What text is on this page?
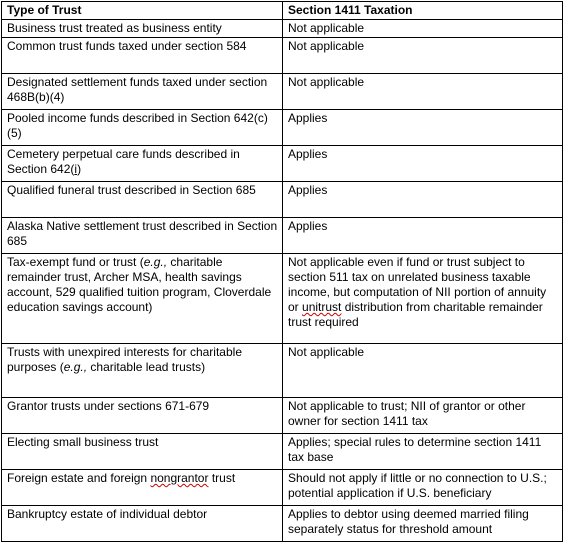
Type of Trust	Section 1411 Taxation
Business trust treated as business entity	Not applicable
Common trust funds taxed under section 584	Not applicable
Designated settlement funds taxed under section 468B(b)(4)	Not applicable
Pooled income funds described in Section 642(c)(5)	Applies
Cemetery perpetual care funds described in Section 642(i)	Applies
Qualified funeral trust described in Section 685	Applies
Alaska Native settlement trust described in Section 685	Applies
Tax-exempt fund or trust (e.g., charitable remainder trust, Archer MSA, health savings account, 529 qualified tuition program, Cloverdale education savings account)	Not applicable even if fund or trust subject to section 511 tax on unrelated business taxable income, but computation of NII portion of annuity or unitrust distribution from charitable remainder trust required
Trusts with unexpired interests for charitable purposes (e.g., charitable lead trusts)	Not applicable
Grantor trusts under sections 671-679	Not applicable to trust; NII of grantor or other owner for section 1411 tax
Electing small business trust	Applies; special rules to determine section 1411 tax base
Foreign estate and foreign nongrantor trust	Should not apply if little or no connection to U.S.; potential application if U.S. beneficiary
Bankruptcy estate of individual debtor	Applies to debtor using deemed married filing separately status for threshold amount
